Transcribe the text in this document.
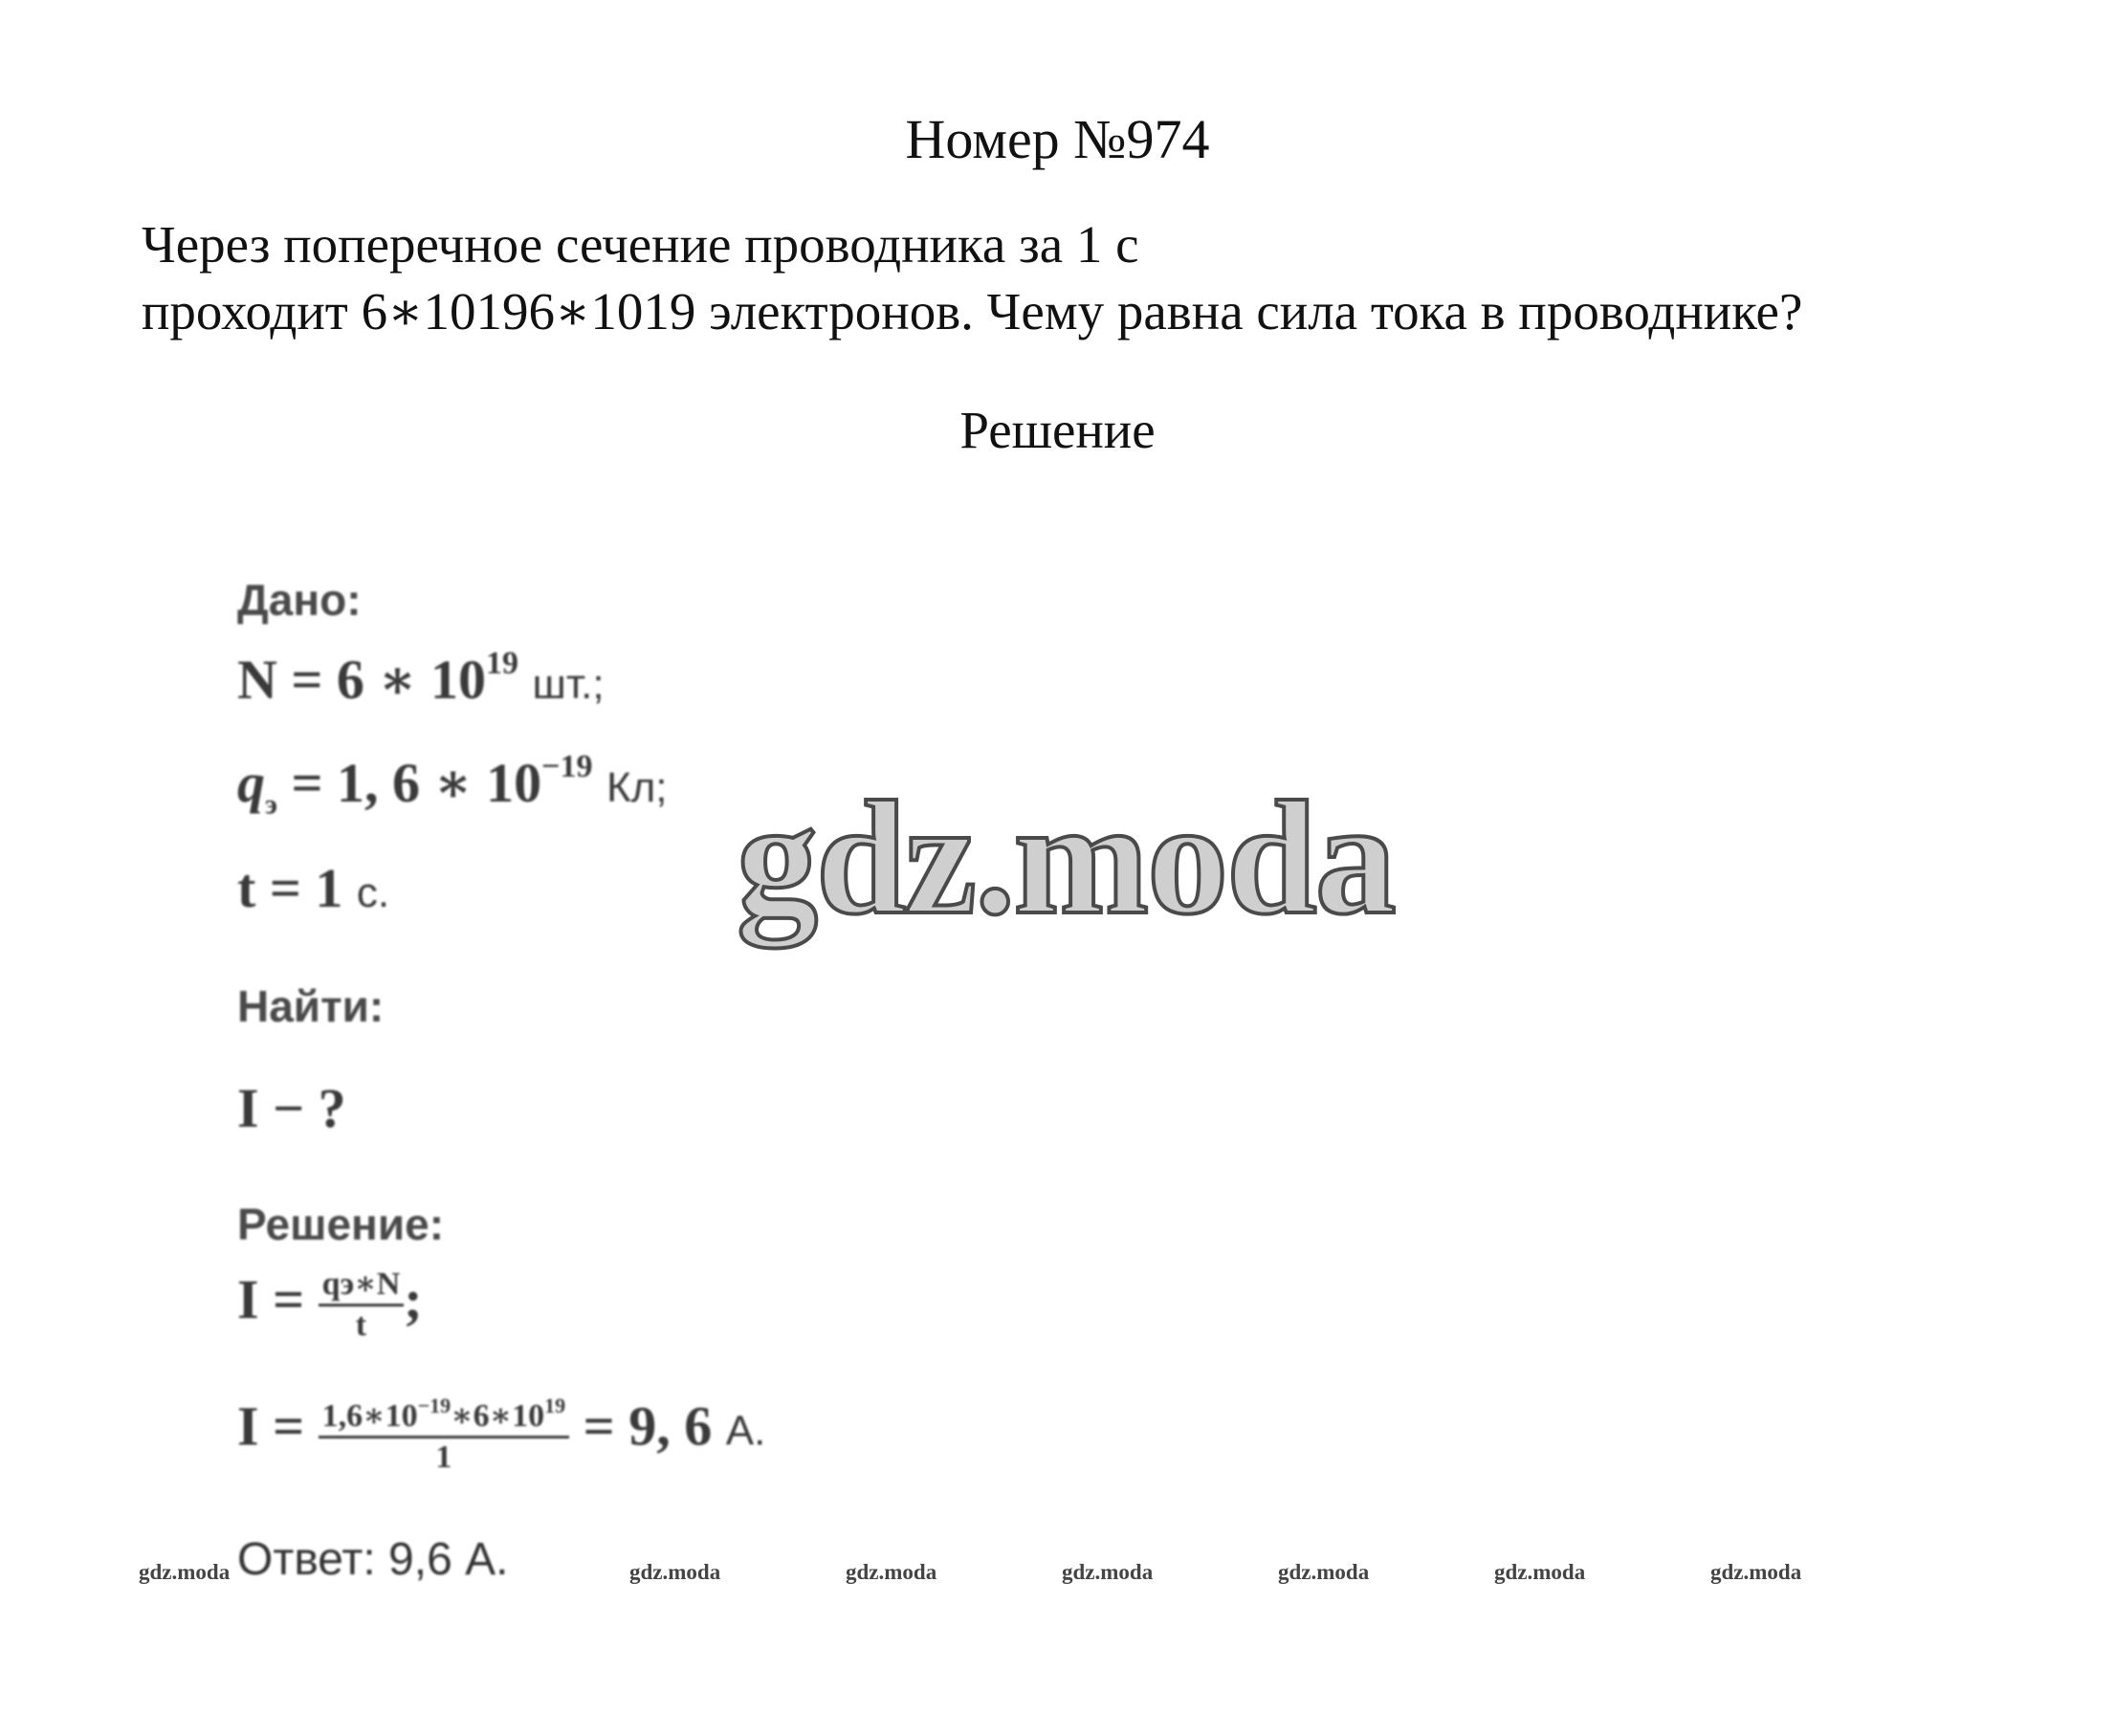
Номер №974
Через поперечное сечение проводника за 1 с
проходит 6∗10196∗1019 электронов. Чему равна сила тока в проводнике?
Решение
Дано:
N = 6 ∗ $10^{19}$ шт.;
$q_э = 1$, 6 ∗ $10^{-19}$ Кл;
t = 1 с.
Найти:
I − ?
Решение:
$I = \frac{qэ∗N}{t}$ ;
$I = \frac{1,6∗10^{-19}∗6∗10^{19}}{1} = 9$, 6 А.
Ответ: 9,6 А.
gdz.moda
gdz.moda	gdz.moda	gdz.moda	gdz.moda	gdz.moda	gdz.moda	gdz.moda
